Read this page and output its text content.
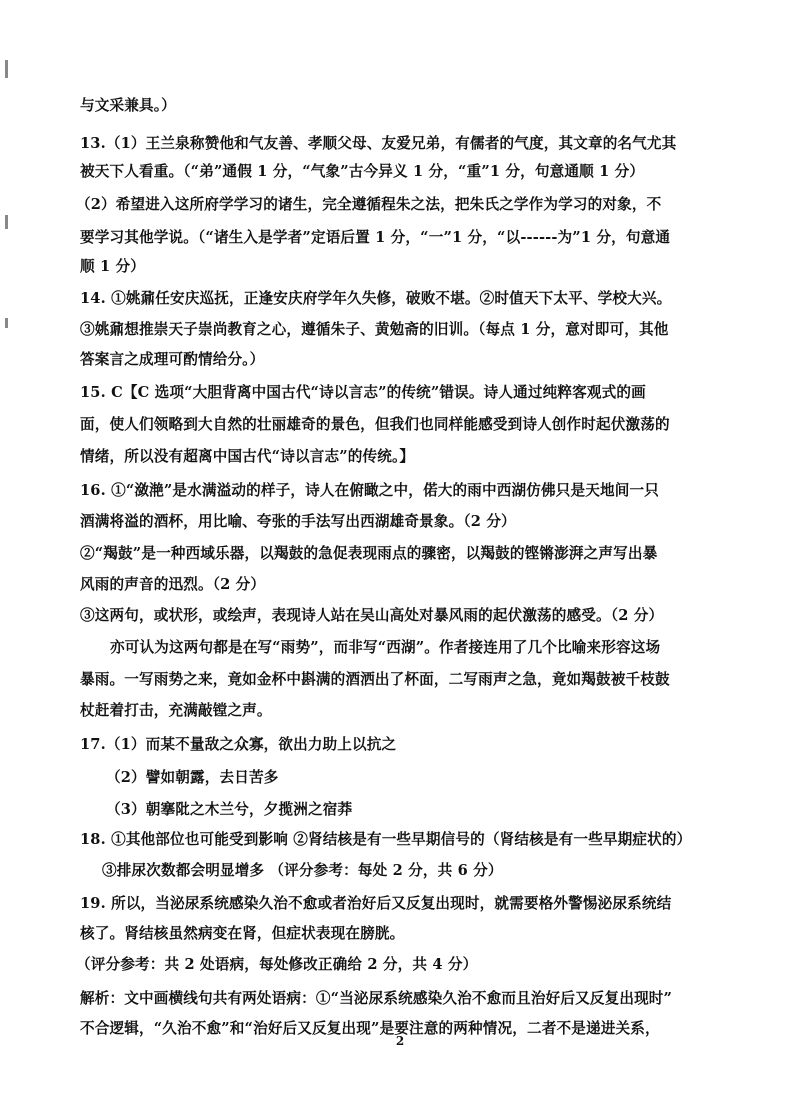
与文采兼具。）
13.（1）王兰泉称赞他和气友善、孝顺父母、友爱兄弟，有儒者的气度，其文章的名气尤其
被天下人看重。（“弟”通假 1 分，“气象”古今异义 1 分，“重”1 分，句意通顺 1 分）
（2）希望进入这所府学学习的诸生，完全遵循程朱之法，把朱氏之学作为学习的对象，不
要学习其他学说。（“诸生入是学者”定语后置 1 分，“一”1 分，“以------为”1 分，句意通
顺 1 分）
14. ①姚鼐任安庆巡抚，正逢安庆府学年久失修，破败不堪。②时值天下太平、学校大兴。
③姚鼐想推崇天子崇尚教育之心，遵循朱子、黄勉斋的旧训。（每点 1 分，意对即可，其他
答案言之成理可酌情给分。）
15. C【C 选项“大胆背离中国古代“诗以言志”的传统”错误。诗人通过纯粹客观式的画
面，使人们领略到大自然的壮丽雄奇的景色，但我们也同样能感受到诗人创作时起伏激荡的
情绪，所以没有超离中国古代“诗以言志”的传统。】
16. ①“潋滟”是水满溢动的样子，诗人在俯瞰之中，偌大的雨中西湖仿佛只是天地间一只
酒满将溢的酒杯，用比喻、夸张的手法写出西湖雄奇景象。（2 分）
②“羯鼓”是一种西域乐器，以羯鼓的急促表现雨点的骤密，以羯鼓的铿锵澎湃之声写出暴
风雨的声音的迅烈。（2 分）
③这两句，或状形，或绘声，表现诗人站在吴山高处对暴风雨的起伏激荡的感受。（2 分）
亦可认为这两句都是在写“雨势”，而非写“西湖”。作者接连用了几个比喻来形容这场
暴雨。一写雨势之来，竟如金杯中斟满的酒洒出了杯面，二写雨声之急，竟如羯鼓被千枝鼓
杖赶着打击，充满敲镗之声。
17.（1）而某不量敌之众寡，欲出力助上以抗之
（2）譬如朝露，去日苦多
（3）朝搴阰之木兰兮，夕揽洲之宿莽
18. ①其他部位也可能受到影响 ②肾结核是有一些早期信号的（肾结核是有一些早期症状的）
③排尿次数都会明显增多 （评分参考：每处 2 分，共 6 分）
19. 所以，当泌尿系统感染久治不愈或者治好后又反复出现时，就需要格外警惕泌尿系统结
核了。肾结核虽然病变在肾，但症状表现在膀胱。
（评分参考：共 2 处语病，每处修改正确给 2 分，共 4 分）
解析：文中画横线句共有两处语病：①“当泌尿系统感染久治不愈而且治好后又反复出现时”
不合逻辑，“久治不愈”和“治好后又反复出现”是要注意的两种情况，二者不是递进关系，
2
